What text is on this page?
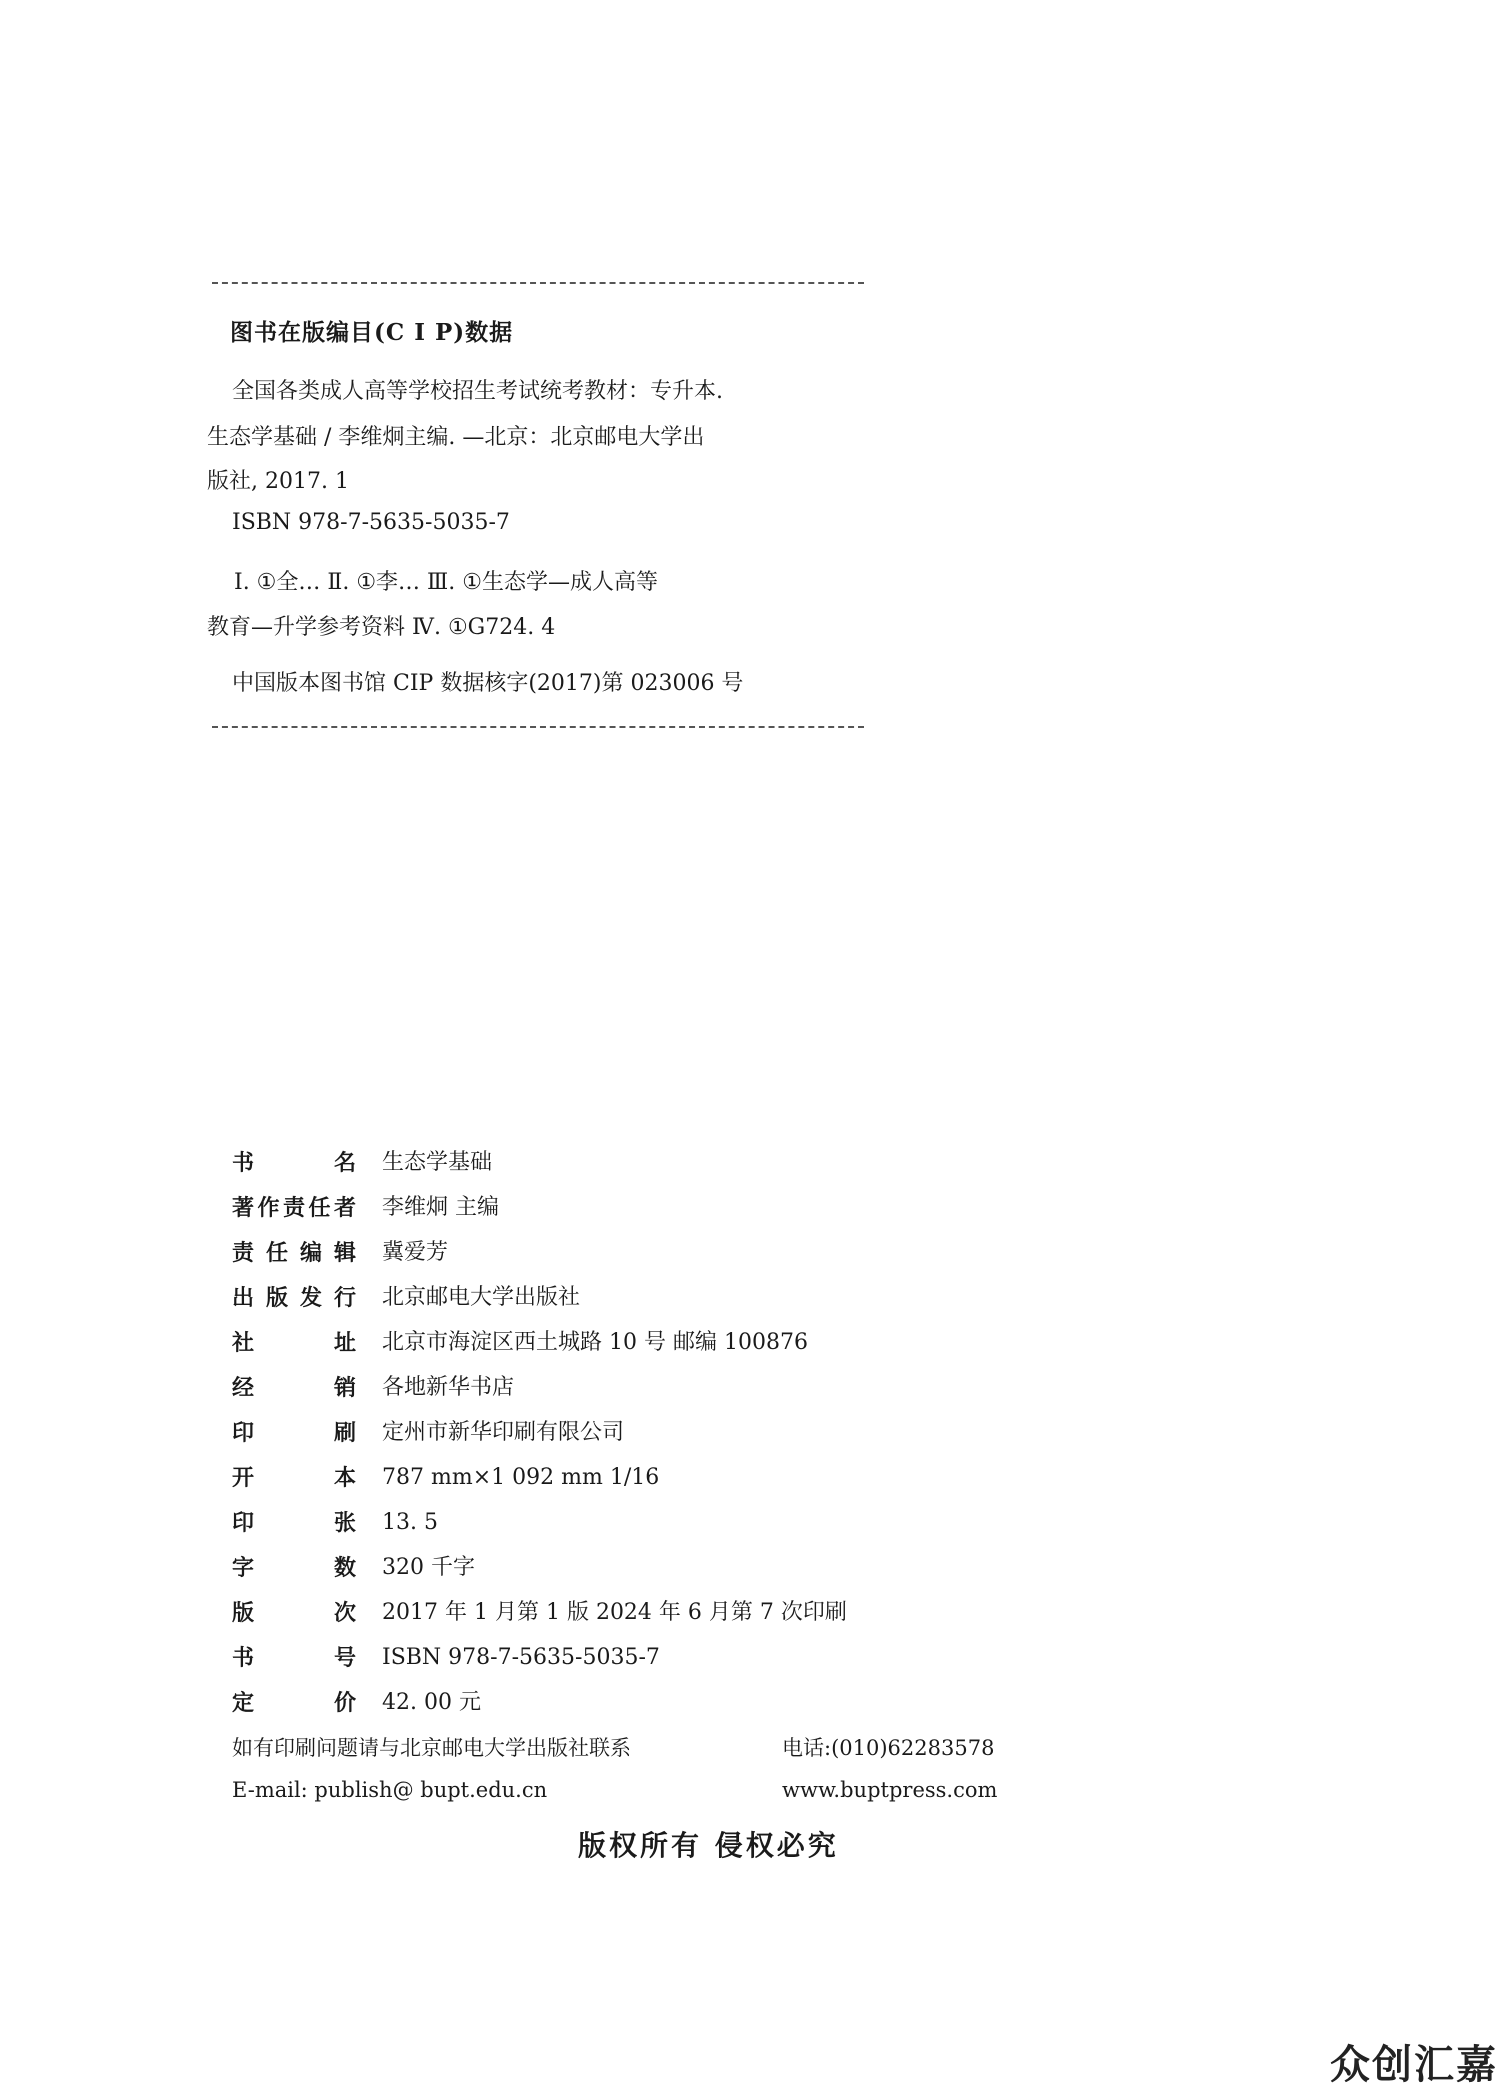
图书在版编目(C I P)数据
全国各类成人高等学校招生考试统考教材：专升本.
生态学基础 / 李维炯主编. —北京：北京邮电大学出
版社, 2017. 1
ISBN 978-7-5635-5035-7
Ⅰ. ①全… Ⅱ. ①李… Ⅲ. ①生态学—成人高等
教育—升学参考资料 Ⅳ. ①G724. 4
中国版本图书馆 CIP 数据核字(2017)第 023006 号
书	名 生态学基础
著 作 责 任 者 李维炯 主编
责 任 编 辑 冀爱芳
出 版 发 行 北京邮电大学出版社
社	址 北京市海淀区西土城路 10 号 邮编 100876
经	销 各地新华书店
印	刷 定州市新华印刷有限公司
开	本 787 mm×1 092 mm 1/16
印	张 13. 5
字	数 320 千字
版	次 2017 年 1 月第 1 版 2024 年 6 月第 7 次印刷
书	号 ISBN 978-7-5635-5035-7
定	价 42. 00 元
如有印刷问题请与北京邮电大学出版社联系	电话:(010)62283578
E-mail: publish@ bupt.edu.cn	www.buptpress.com
版权所有 侵权必究
众创汇嘉
